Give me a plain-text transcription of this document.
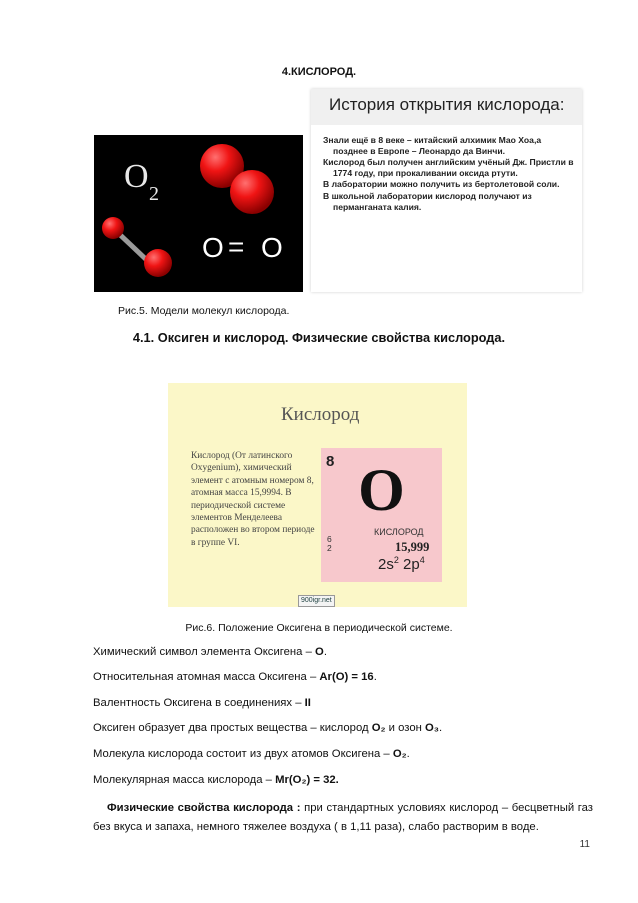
4.КИСЛОРОД.
O 2
O = O
История открытия кислорода:

Знали ещё в 8 веке – китайский алхимик Мао Хоа,а позднее в Европе – Леонардо да Винчи.

Кислород был получен английским учёный Дж. Пристли в 1774 году, при прокаливании оксида ртути.

В лаборатории можно получить из бертолетовой соли.

В школьной лаборатории кислород получают из перманганата калия.

Рис.5. Модели молекул кислорода.
4.1. Оксиген и кислород. Физические свойства кислорода.
Кислород
Кислород (От латинского Oxygenium), химический элемент с атомным номером 8, атомная масса 15,9994. В периодической системе элементов Менделеева расположен во втором периоде в группе VI.
8 O
КИСЛОРОД
6
2	15,999
$2s^2$ $2p^4$
900igr.net
Рис.6. Положение Оксигена в периодической системе.
Химический символ элемента Оксигена – O.
Относительная атомная масса Оксигена – Ar(O) = 16.
Валентность Оксигена в соединениях – II
Оксиген образует два простых вещества – кислород O₂ и озон O₃.
Молекула кислорода состоит из двух атомов Оксигена – O₂.
Молекулярная масса кислорода – Mr(O₂) = 32.
Физические свойства кислорода : при стандартных условиях кислород – бесцветный газ без вкуса и запаха, немного тяжелее воздуха ( в 1,11 раза), слабо растворим в воде.
11
